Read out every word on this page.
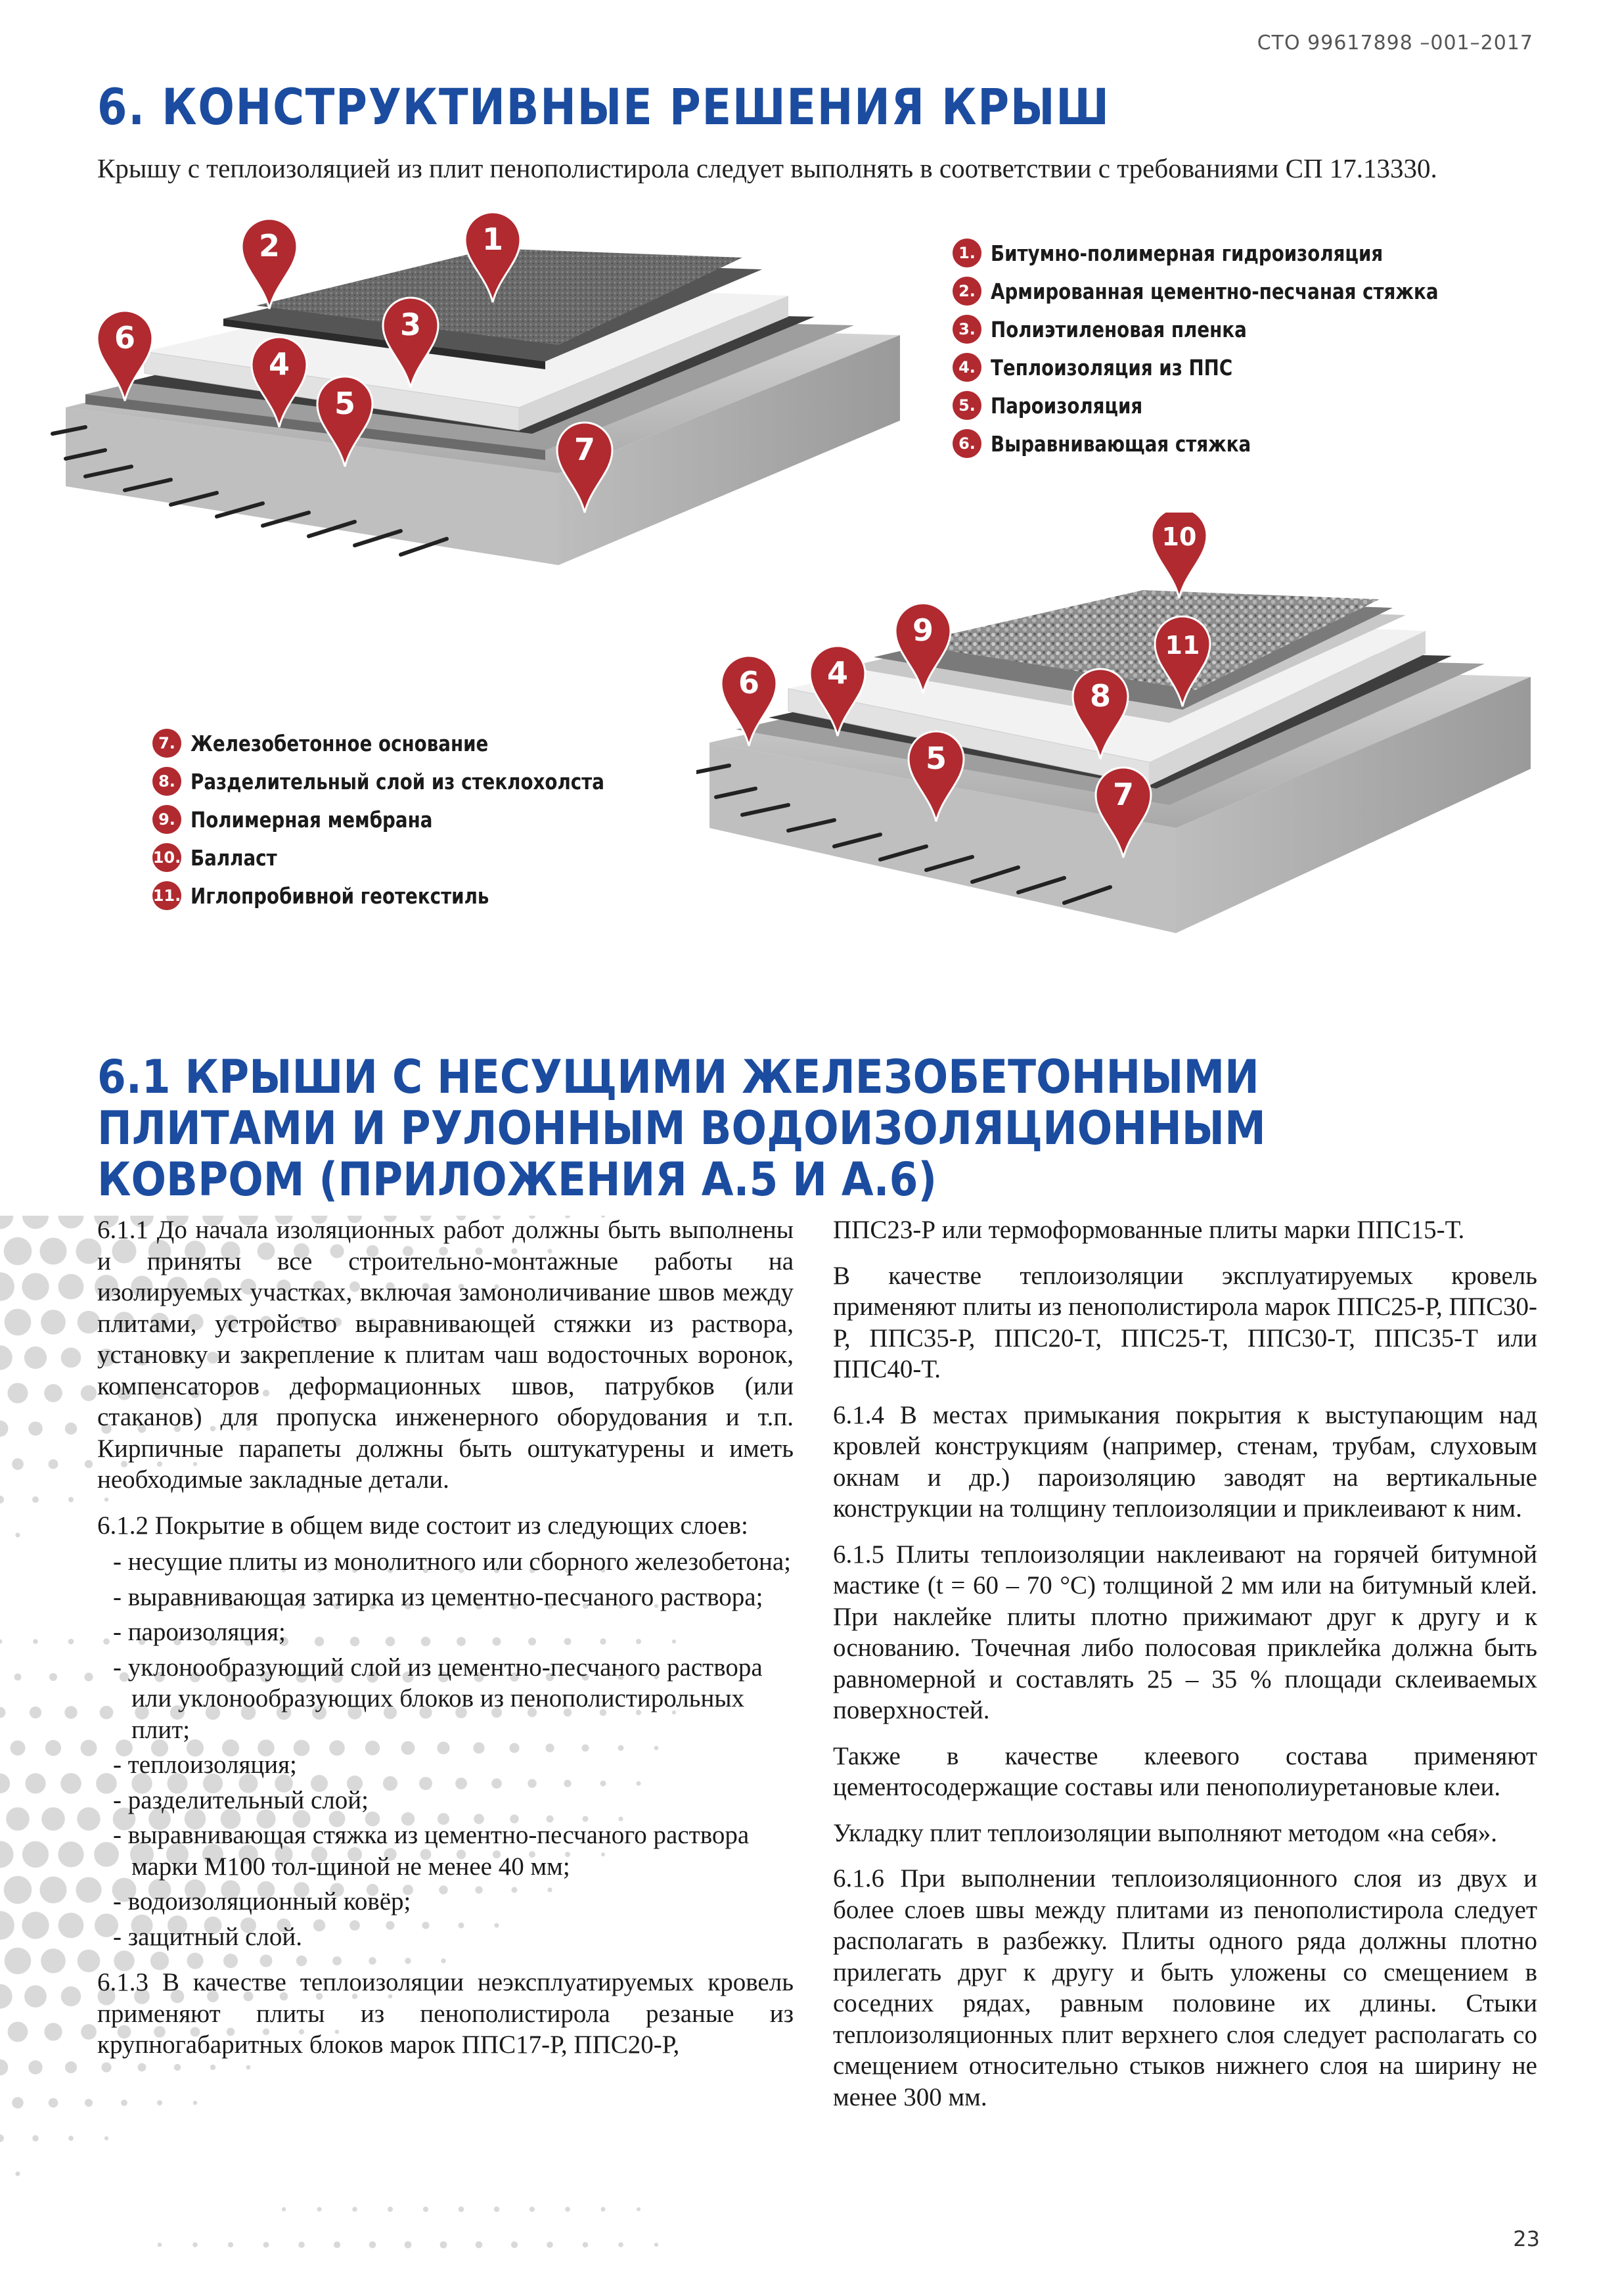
СТО 99617898 –001–2017
6. КОНСТРУКТИВНЫЕ РЕШЕНИЯ КРЫШ
Крышу с теплоизоляцией из плит пенополистирола следует выполнять в соответствии с требованиями СП 17.13330.
1
2
3
4
5
6
7
10
9	11
8
6 4
5
7
1. Битумно-полимерная гидроизоляция
2. Армированная цементно-песчаная стяжка
3. Полиэтиленовая пленка
4. Теплоизоляция из ППС
5. Пароизоляция
6. Выравнивающая стяжка
7. Железобетонное основание
8. Разделительный слой из стеклохолста
9. Полимерная мембрана
10. Балласт
11. Иглопробивной геотекстиль
6.1 КРЫШИ С НЕСУЩИМИ ЖЕЛЕЗОБЕТОННЫМИ ПЛИТАМИ И РУЛОННЫМ ВОДОИЗОЛЯЦИОННЫМ КОВРОМ (ПРИЛОЖЕНИЯ А.5 И А.6)

6.1.1 До начала изоляционных работ должны быть выполнены и приняты все строительно-монтажные работы на изолируемых участках, включая замоноличивание швов между плитами, устройство выравнивающей стяжки из раствора, установку и закрепление к плитам чаш водосточных воронок, компенсаторов деформационных швов, патрубков (или стаканов) для пропуска инженерного оборудования и т.п. Кирпичные парапеты должны быть оштукатурены и иметь необходимые закладные детали.

6.1.2 Покрытие в общем виде состоит из следующих слоев:

- несущие плиты из монолитного или сборного железобетона;
- выравнивающая затирка из цементно-песчаного раствора;
- пароизоляция;
- уклонообразующий слой из цементно-песчаного раствора или уклонообразующих блоков из пенополистирольных плит;
- теплоизоляция;
- разделительный слой;
- выравнивающая стяжка из цементно-песчаного раствора марки М100 тол-щиной не менее 40 мм;
- водоизоляционный ковёр;
- защитный слой.

6.1.3 В качестве теплоизоляции неэксплуатируемых кровель применяют плиты из пенополистирола резаные из крупногабаритных блоков марок ППС17-Р, ППС20-Р,

ППС23-Р или термоформованные плиты марки ППС15-Т.

В качестве теплоизоляции эксплуатируемых кровель применяют плиты из пенополистирола марок ППС25-Р, ППС30-Р, ППС35-Р, ППС20-Т, ППС25-Т, ППС30-Т, ППС35-Т или ППС40-Т.

6.1.4 В местах примыкания покрытия к выступающим над кровлей конструкциям (например, стенам, трубам, слуховым окнам и др.) пароизоляцию заводят на вертикальные конструкции на толщину теплоизоляции и приклеивают к ним.

6.1.5 Плиты теплоизоляции наклеивают на горячей битумной мастике (t = 60 – 70 °С) толщиной 2 мм или на битумный клей. При наклейке плиты плотно прижимают друг к другу и к основанию. Точечная либо полосовая приклейка должна быть равномерной и составлять 25 – 35 % площади склеиваемых поверхностей.

Также в качестве клеевого состава применяют цементосодержащие составы или пенополиуретановые клеи.

Укладку плит теплоизоляции выполняют методом «на себя».

6.1.6 При выполнении теплоизоляционного слоя из двух и более слоев швы между плитами из пенополистирола следует располагать в разбежку. Плиты одного ряда должны плотно прилегать друг к другу и быть уложены со смещением в соседних рядах, равным половине их длины. Стыки теплоизоляционных плит верхнего слоя следует располагать со смещением относительно стыков нижнего слоя на ширину не менее 300 мм.

23
